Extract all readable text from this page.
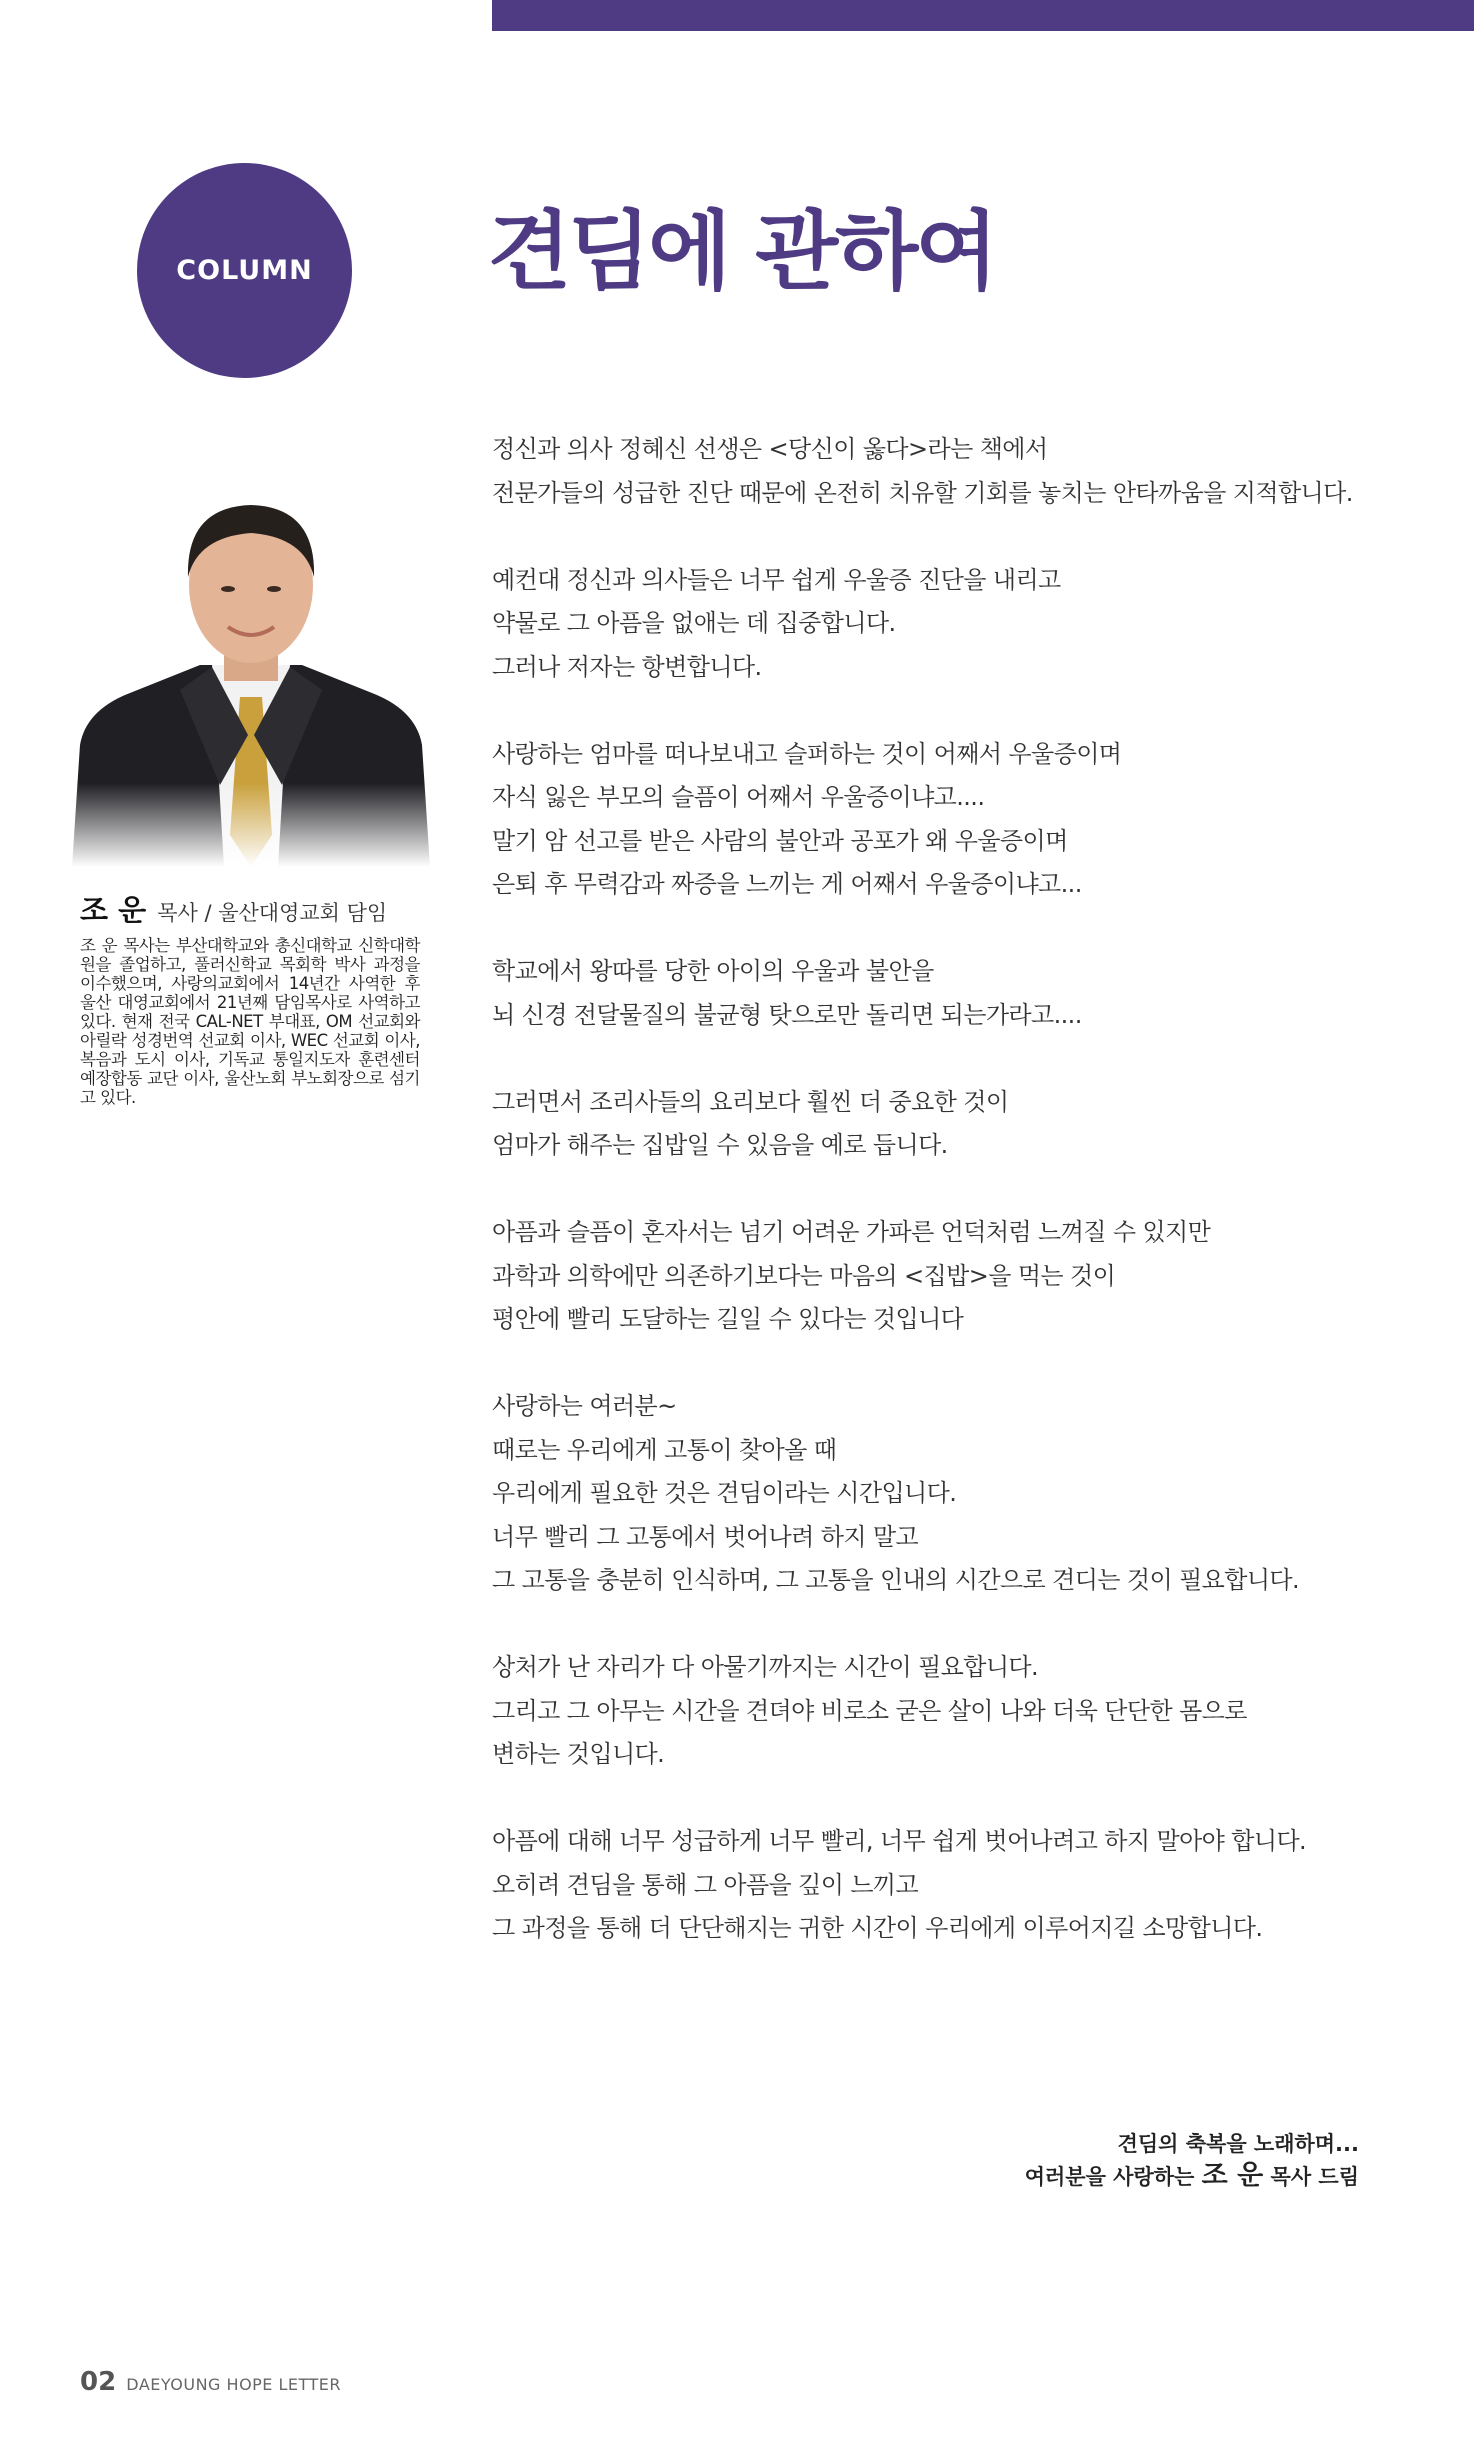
COLUMN 견딤에 관하여
조 운 목사 / 울산대영교회 담임

조 운 목사는 부산대학교와 총신대학교 신학대학원을 졸업하고, 풀러신학교 목회학 박사 과정을 이수했으며, 사랑의교회에서 14년간 사역한 후 울산 대영교회에서 21년째 담임목사로 사역하고 있다. 현재 전국 CAL-NET 부대표, OM 선교회와 아릴락 성경번역 선교회 이사, WEC 선교회 이사, 복음과 도시 이사, 기독교 통일지도자 훈련센터 예장합동 교단 이사, 울산노회 부노회장으로 섬기고 있다.

정신과 의사 정혜신 선생은 <당신이 옳다>라는 책에서
전문가들의 성급한 진단 때문에 온전히 치유할 기회를 놓치는 안타까움을 지적합니다.

예컨대 정신과 의사들은 너무 쉽게 우울증 진단을 내리고
약물로 그 아픔을 없애는 데 집중합니다.
그러나 저자는 항변합니다.

사랑하는 엄마를 떠나보내고 슬퍼하는 것이 어째서 우울증이며
자식 잃은 부모의 슬픔이 어째서 우울증이냐고....
말기 암 선고를 받은 사람의 불안과 공포가 왜 우울증이며
은퇴 후 무력감과 짜증을 느끼는 게 어째서 우울증이냐고...

학교에서 왕따를 당한 아이의 우울과 불안을
뇌 신경 전달물질의 불균형 탓으로만 돌리면 되는가라고....

그러면서 조리사들의 요리보다 훨씬 더 중요한 것이
엄마가 해주는 집밥일 수 있음을 예로 듭니다.

아픔과 슬픔이 혼자서는 넘기 어려운 가파른 언덕처럼 느껴질 수 있지만
과학과 의학에만 의존하기보다는 마음의 <집밥>을 먹는 것이
평안에 빨리 도달하는 길일 수 있다는 것입니다

사랑하는 여러분~
때로는 우리에게 고통이 찾아올 때
우리에게 필요한 것은 견딤이라는 시간입니다.
너무 빨리 그 고통에서 벗어나려 하지 말고
그 고통을 충분히 인식하며, 그 고통을 인내의 시간으로 견디는 것이 필요합니다.

상처가 난 자리가 다 아물기까지는 시간이 필요합니다.
그리고 그 아무는 시간을 견뎌야 비로소 굳은 살이 나와 더욱 단단한 몸으로
변하는 것입니다.

아픔에 대해 너무 성급하게 너무 빨리, 너무 쉽게 벗어나려고 하지 말아야 합니다.
오히려 견딤을 통해 그 아픔을 깊이 느끼고
그 과정을 통해 더 단단해지는 귀한 시간이 우리에게 이루어지길 소망합니다.

견딤의 축복을 노래하며...
여러분을 사랑하는 조 운 목사 드림
02 DAEYOUNG HOPE LETTER
